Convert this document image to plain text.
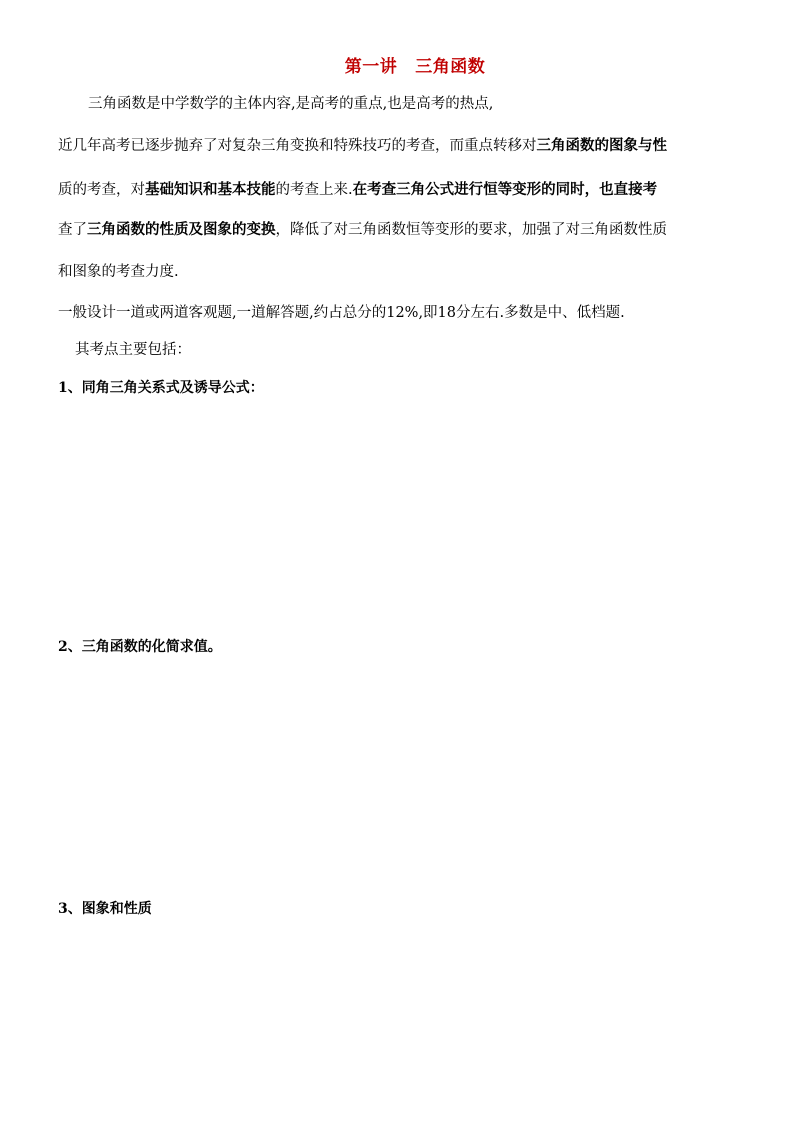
第一讲 三角函数
三角函数是中学数学的主体内容,是高考的重点,也是高考的热点,
近几年高考已逐步抛弃了对复杂三角变换和特殊技巧的考查，而重点转移对三角函数的图象与性
质的考查，对基础知识和基本技能的考查上来.在考查三角公式进行恒等变形的同时，也直接考
查了三角函数的性质及图象的变换，降低了对三角函数恒等变形的要求，加强了对三角函数性质
和图象的考查力度.
一般设计一道或两道客观题,一道解答题,约占总分的12%,即18分左右.多数是中、低档题.
其考点主要包括：
1、同角三角关系式及诱导公式：
2、三角函数的化简求值。
3、图象和性质
